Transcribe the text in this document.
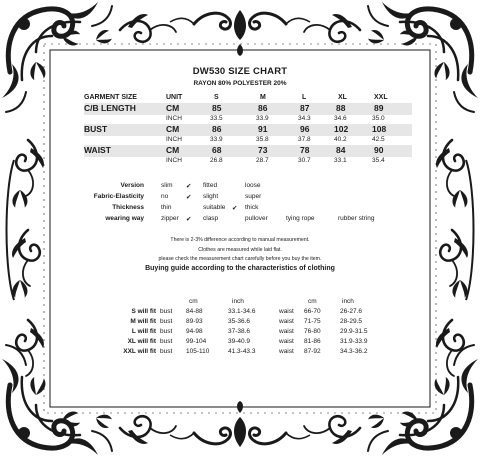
DW530 SIZE CHART
RAYON 80% POLYESTER 20%
GARMENT SIZE	UNIT	S	M	L	XL	XXL
C/B LENGTH	CM	85	86	87	88	89
INCH	33.5	33.9	34.3	34.6	35.0
BUST	CM	86	91	96	102	108
INCH	33.9	35.8	37.8	40.2	42.5
WAIST	CM	68	73	78	84	90
INCH	26.8	28.7	30.7	33.1	35.4
Version	slim ✔ fitted	loose
Fabric-Elasticity	no	✔ slight	super
Thickness	thin	suitable ✔ thick
wearing way	zipper ✔ clasp	pullover	tying rope	rubber string
There is 2-3% difference according to manual measurement.
Clothes are measured while laid flat.
please check the measurement chart carefully before you buy the item.
Buying guide according to the characteristics of clothing
cm	inch	cm	inch
S will fit bust 84-88	33.1-34.6	waist 66-70	26-27.6
M will fit bust 89-93	35-36.6	waist 71-75	28-29.5
L will fit bust 94-98	37-38.6	waist 76-80	29.9-31.5
XL will fit bust 99-104	39-40.9	waist 81-86	31.9-33.9
XXL will fit bust 105-110	41.3-43.3	waist 87-92	34.3-36.2
